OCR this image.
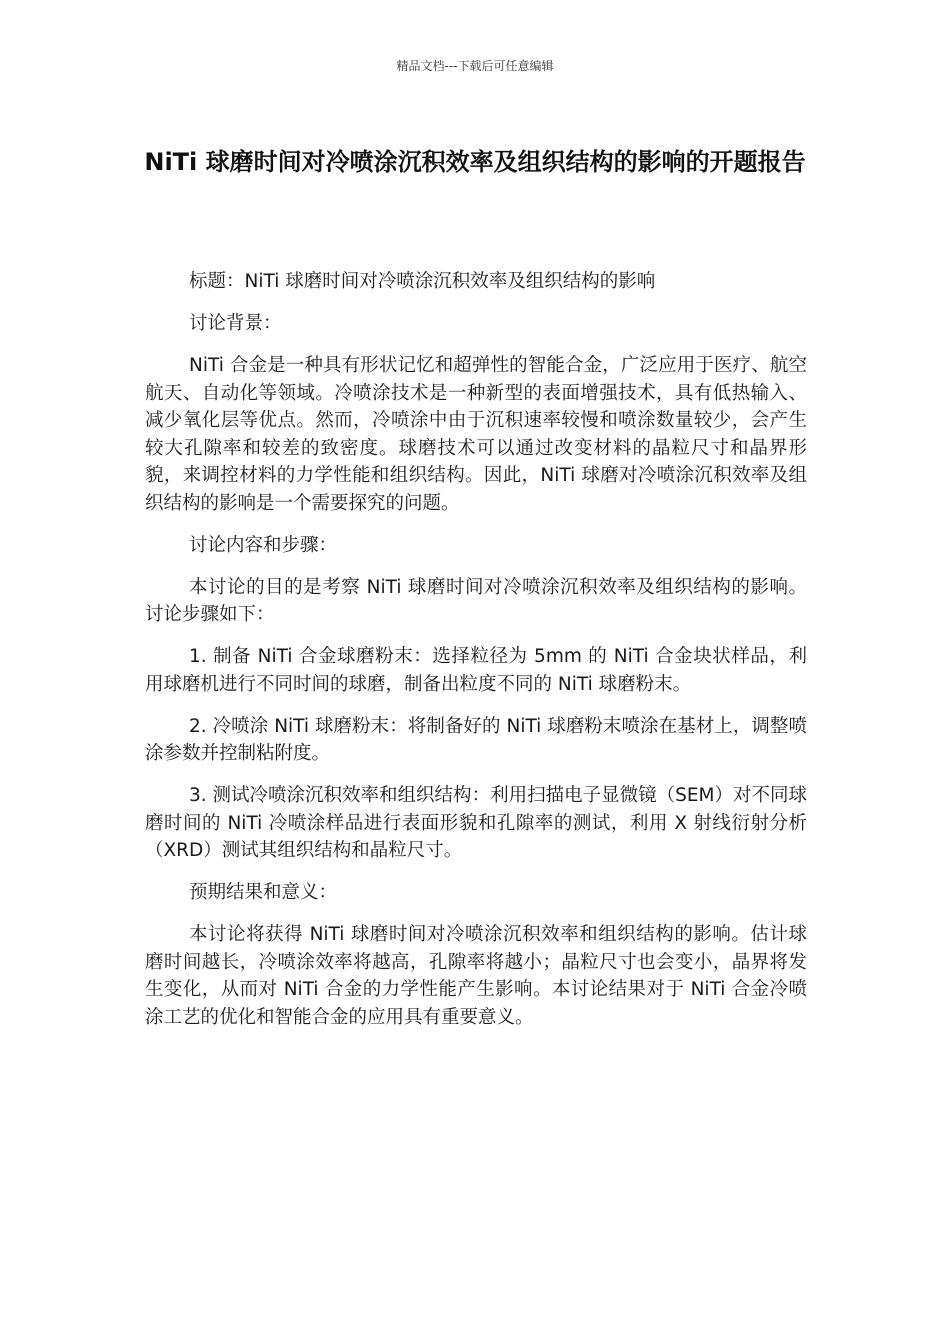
精品文档---下载后可任意编辑
NiTi 球磨时间对冷喷涂沉积效率及组织结构的影响的开题报告

标题：NiTi 球磨时间对冷喷涂沉积效率及组织结构的影响

讨论背景：

NiTi 合金是一种具有形状记忆和超弹性的智能合金，广泛应用于医疗、航空航天、自动化等领域。冷喷涂技术是一种新型的表面增强技术，具有低热输入、减少氧化层等优点。然而，冷喷涂中由于沉积速率较慢和喷涂数量较少，会产生较大孔隙率和较差的致密度。球磨技术可以通过改变材料的晶粒尺寸和晶界形貌，来调控材料的力学性能和组织结构。因此，NiTi 球磨对冷喷涂沉积效率及组织结构的影响是一个需要探究的问题。

讨论内容和步骤：

本讨论的目的是考察 NiTi 球磨时间对冷喷涂沉积效率及组织结构的影响。讨论步骤如下：

1. 制备 NiTi 合金球磨粉末：选择粒径为 5mm 的 NiTi 合金块状样品，利用球磨机进行不同时间的球磨，制备出粒度不同的 NiTi 球磨粉末。

2. 冷喷涂 NiTi 球磨粉末：将制备好的 NiTi 球磨粉末喷涂在基材上，调整喷涂参数并控制粘附度。

3. 测试冷喷涂沉积效率和组织结构：利用扫描电子显微镜（SEM）对不同球磨时间的 NiTi 冷喷涂样品进行表面形貌和孔隙率的测试，利用 X 射线衍射分析（XRD）测试其组织结构和晶粒尺寸。

预期结果和意义：

本讨论将获得 NiTi 球磨时间对冷喷涂沉积效率和组织结构的影响。估计球磨时间越长，冷喷涂效率将越高，孔隙率将越小；晶粒尺寸也会变小，晶界将发生变化，从而对 NiTi 合金的力学性能产生影响。本讨论结果对于 NiTi 合金冷喷涂工艺的优化和智能合金的应用具有重要意义。
